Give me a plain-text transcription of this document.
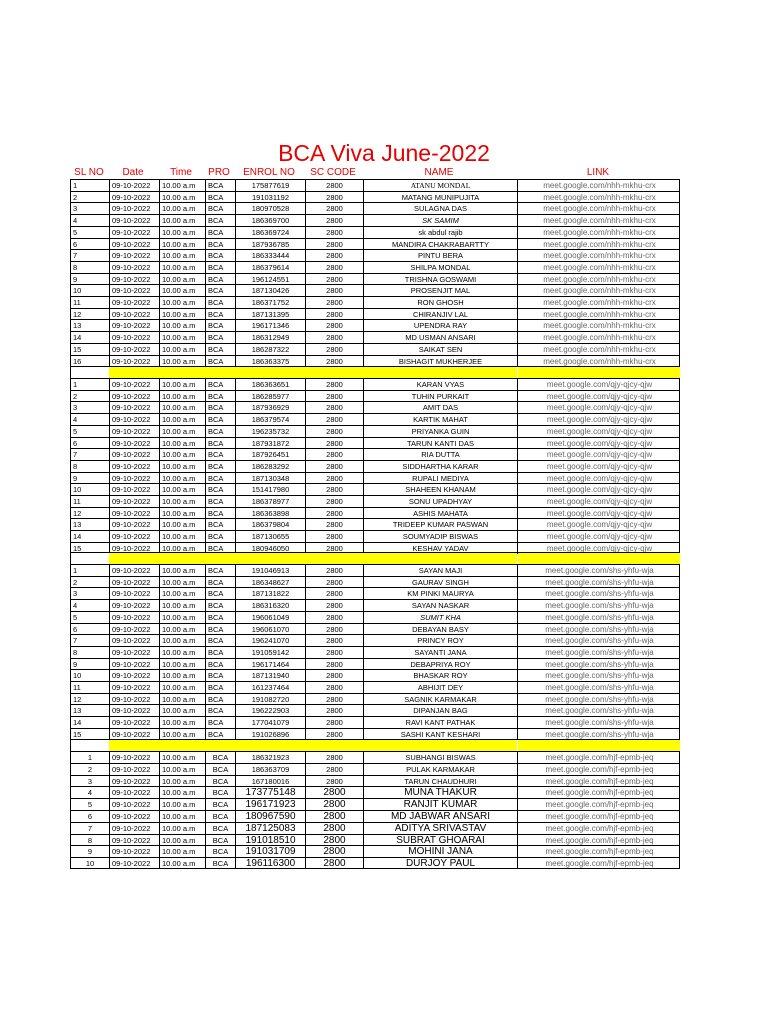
BCA Viva June-2022
SL NO	Date	Time	PRO	ENROL NO	SC CODE	NAME	LINK
1	09-10-2022	10.00 a.m	BCA	175877619	2800	ATANU MONDAL	meet.google.com/nhh-mkhu-crx
2	09-10-2022	10.00 a.m	BCA	191031192	2800	MATANG MUNIPUJITA	meet.google.com/nhh-mkhu-crx
3	09-10-2022	10.00 a.m	BCA	180970528	2800	SULAGNA DAS	meet.google.com/nhh-mkhu-crx
4	09-10-2022	10.00 a.m	BCA	186369700	2800	SK SAMIM	meet.google.com/nhh-mkhu-crx
5	09-10-2022	10.00 a.m	BCA	186369724	2800	sk abdul rajib	meet.google.com/nhh-mkhu-crx
6	09-10-2022	10.00 a.m	BCA	187936785	2800	MANDIRA CHAKRABARTTY	meet.google.com/nhh-mkhu-crx
7	09-10-2022	10.00 a.m	BCA	186333444	2800	PINTU BERA	meet.google.com/nhh-mkhu-crx
8	09-10-2022	10.00 a.m	BCA	186379614	2800	SHILPA MONDAL	meet.google.com/nhh-mkhu-crx
9	09-10-2022	10.00 a.m	BCA	196124551	2800	TRISHNA GOSWAMI	meet.google.com/nhh-mkhu-crx
10	09-10-2022	10.00 a.m	BCA	187130426	2800	PROSENJIT MAL	meet.google.com/nhh-mkhu-crx
11	09-10-2022	10.00 a.m	BCA	186371752	2800	RON GHOSH	meet.google.com/nhh-mkhu-crx
12	09-10-2022	10.00 a.m	BCA	187131395	2800	CHIRANJIV LAL	meet.google.com/nhh-mkhu-crx
13	09-10-2022	10.00 a.m	BCA	196171346	2800	UPENDRA RAY	meet.google.com/nhh-mkhu-crx
14	09-10-2022	10.00 a.m	BCA	186312949	2800	MD USMAN ANSARI	meet.google.com/nhh-mkhu-crx
15	09-10-2022	10.00 a.m	BCA	186287322	2800	SAIKAT SEN	meet.google.com/nhh-mkhu-crx
16	09-10-2022	10.00 a.m	BCA	186363375	2800	BISHAGIT MUKHERJEE	meet.google.com/nhh-mkhu-crx
1	09-10-2022	10.00 a.m	BCA	186363651	2800	KARAN VYAS	meet.google.com/qjy-qjcy-qjw
2	09-10-2022	10.00 a.m	BCA	186285977	2800	TUHIN PURKAIT	meet.google.com/qjy-qjcy-qjw
3	09-10-2022	10.00 a.m	BCA	187936929	2800	AMIT DAS	meet.google.com/qjy-qjcy-qjw
4	09-10-2022	10.00 a.m	BCA	186379574	2800	KARTIK MAHAT	meet.google.com/qjy-qjcy-qjw
5	09-10-2022	10.00 a.m	BCA	196235732	2800	PRIYANKA GUIN	meet.google.com/qjy-qjcy-qjw
6	09-10-2022	10.00 a.m	BCA	187931872	2800	TARUN KANTI DAS	meet.google.com/qjy-qjcy-qjw
7	09-10-2022	10.00 a.m	BCA	187926451	2800	RIA DUTTA	meet.google.com/qjy-qjcy-qjw
8	09-10-2022	10.00 a.m	BCA	186283292	2800	SIDDHARTHA KARAR	meet.google.com/qjy-qjcy-qjw
9	09-10-2022	10.00 a.m	BCA	187130348	2800	RUPALI MEDIYA	meet.google.com/qjy-qjcy-qjw
10	09-10-2022	10.00 a.m	BCA	151417980	2800	SHAHEEN KHANAM	meet.google.com/qjy-qjcy-qjw
11	09-10-2022	10.00 a.m	BCA	186378977	2800	SONU UPADHYAY	meet.google.com/qjy-qjcy-qjw
12	09-10-2022	10.00 a.m	BCA	186363898	2800	ASHIS MAHATA	meet.google.com/qjy-qjcy-qjw
13	09-10-2022	10.00 a.m	BCA	186379804	2800	TRIDEEP KUMAR PASWAN	meet.google.com/qjy-qjcy-qjw
14	09-10-2022	10.00 a.m	BCA	187130655	2800	SOUMYADIP BISWAS	meet.google.com/qjy-qjcy-qjw
15	09-10-2022	10.00 a.m	BCA	180946050	2800	KESHAV YADAV	meet.google.com/qjy-qjcy-qjw
1	09-10-2022	10.00 a.m	BCA	191046913	2800	SAYAN MAJI	meet.google.com/shs-yhfu-wja
2	09-10-2022	10.00 a.m	BCA	186348627	2800	GAURAV SINGH	meet.google.com/shs-yhfu-wja
3	09-10-2022	10.00 a.m	BCA	187131822	2800	KM PINKI MAURYA	meet.google.com/shs-yhfu-wja
4	09-10-2022	10.00 a.m	BCA	186316320	2800	SAYAN NASKAR	meet.google.com/shs-yhfu-wja
5	09-10-2022	10.00 a.m	BCA	196061049	2800	SUMIT KHA	meet.google.com/shs-yhfu-wja
6	09-10-2022	10.00 a.m	BCA	196061070	2800	DEBAYAN BASY	meet.google.com/shs-yhfu-wja
7	09-10-2022	10.00 a.m	BCA	196241070	2800	PRINCY ROY	meet.google.com/shs-yhfu-wja
8	09-10-2022	10.00 a.m	BCA	191059142	2800	SAYANTI JANA	meet.google.com/shs-yhfu-wja
9	09-10-2022	10.00 a.m	BCA	196171464	2800	DEBAPRIYA ROY	meet.google.com/shs-yhfu-wja
10	09-10-2022	10.00 a.m	BCA	187131940	2800	BHASKAR ROY	meet.google.com/shs-yhfu-wja
11	09-10-2022	10.00 a.m	BCA	161237464	2800	ABHIJIT DEY	meet.google.com/shs-yhfu-wja
12	09-10-2022	10.00 a.m	BCA	191082720	2800	SAGNIK KARMAKAR	meet.google.com/shs-yhfu-wja
13	09-10-2022	10.00 a.m	BCA	196222903	2800	DIPANJAN BAG	meet.google.com/shs-yhfu-wja
14	09-10-2022	10.00 a.m	BCA	177041079	2800	RAVI KANT PATHAK	meet.google.com/shs-yhfu-wja
15	09-10-2022	10.00 a.m	BCA	191026896	2800	SASHI KANT KESHARI	meet.google.com/shs-yhfu-wja
1	09-10-2022	10.00 a.m	BCA	186321923	2800	SUBHANGI BISWAS	meet.google.com/hjf-epmb-jeq
2	09-10-2022	10.00 a.m	BCA	186363709	2800	PULAK KARMAKAR	meet.google.com/hjf-epmb-jeq
3	09-10-2022	10.00 a.m	BCA	167180016	2800	TARUN CHAUDHURI	meet.google.com/hjf-epmb-jeq
4	09-10-2022	10.00 a.m	BCA	173775148	2800	MUNA THAKUR	meet.google.com/hjf-epmb-jeq
5	09-10-2022	10.00 a.m	BCA	196171923	2800	RANJIT KUMAR	meet.google.com/hjf-epmb-jeq
6	09-10-2022	10.00 a.m	BCA	180967590	2800	MD JABWAR ANSARI	meet.google.com/hjf-epmb-jeq
7	09-10-2022	10.00 a.m	BCA	187125083	2800	ADITYA SRIVASTAV	meet.google.com/hjf-epmb-jeq
8	09-10-2022	10.00 a.m	BCA	191018510	2800	SUBRAT GHOARAI	meet.google.com/hjf-epmb-jeq
9	09-10-2022	10.00 a.m	BCA	191031709	2800	MOHINI JANA	meet.google.com/hjf-epmb-jeq
10	09-10-2022	10.00 a.m	BCA	196116300	2800	DURJOY PAUL	meet.google.com/hjf-epmb-jeq
